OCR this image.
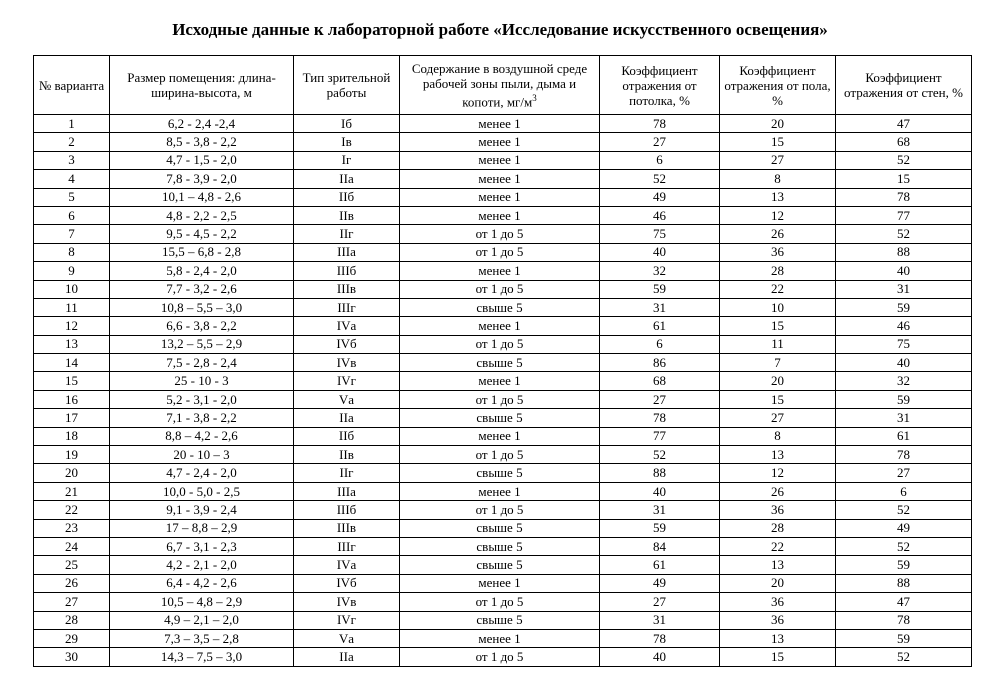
Исходные данные к лабораторной работе «Исследование искусственного освещения»
№ варианта	Размер помещения: длина-ширина-высота, м	Тип зрительной работы	Содержание в воздушной среде рабочей зоны пыли, дыма и копоти, $мг/м^3$	Коэффициент отражения от потолка, %	Коэффициент отражения от пола, %	Коэффициент отражения от стен, %
1	6,2 - 2,4 -2,4	Iб	менее 1	78	20	47
2	8,5 - 3,8 - 2,2	Iв	менее 1	27	15	68
3	4,7 - 1,5 - 2,0	Iг	менее 1	6	27	52
4	7,8 - 3,9 - 2,0	IIа	менее 1	52	8	15
5	10,1 – 4,8 - 2,6	IIб	менее 1	49	13	78
6	4,8 - 2,2 - 2,5	IIв	менее 1	46	12	77
7	9,5 - 4,5 - 2,2	IIг	от 1 до 5	75	26	52
8	15,5 – 6,8 - 2,8	IIIа	от 1 до 5	40	36	88
9	5,8 - 2,4 - 2,0	IIIб	менее 1	32	28	40
10	7,7 - 3,2 - 2,6	IIIв	от 1 до 5	59	22	31
11	10,8 – 5,5 – 3,0	IIIг	свыше 5	31	10	59
12	6,6 - 3,8 - 2,2	IVа	менее 1	61	15	46
13	13,2 – 5,5 – 2,9	IVб	от 1 до 5	6	11	75
14	7,5 - 2,8 - 2,4	IVв	свыше 5	86	7	40
15	25 - 10 - 3	IVг	менее 1	68	20	32
16	5,2 - 3,1 - 2,0	Vа	от 1 до 5	27	15	59
17	7,1 - 3,8 - 2,2	IIа	свыше 5	78	27	31
18	8,8 – 4,2 - 2,6	IIб	менее 1	77	8	61
19	20 - 10 – 3	IIв	от 1 до 5	52	13	78
20	4,7 - 2,4 - 2,0	IIг	свыше 5	88	12	27
21	10,0 - 5,0 - 2,5	IIIа	менее 1	40	26	6
22	9,1 - 3,9 - 2,4	IIIб	от 1 до 5	31	36	52
23	17 – 8,8 – 2,9	IIIв	свыше 5	59	28	49
24	6,7 - 3,1 - 2,3	IIIг	свыше 5	84	22	52
25	4,2 - 2,1 - 2,0	IVа	свыше 5	61	13	59
26	6,4 - 4,2 - 2,6	IVб	менее 1	49	20	88
27	10,5 – 4,8 – 2,9	IVв	от 1 до 5	27	36	47
28	4,9 – 2,1 – 2,0	IVг	свыше 5	31	36	78
29	7,3 – 3,5 – 2,8	Vа	менее 1	78	13	59
30	14,3 – 7,5 – 3,0	IIа	от 1 до 5	40	15	52
